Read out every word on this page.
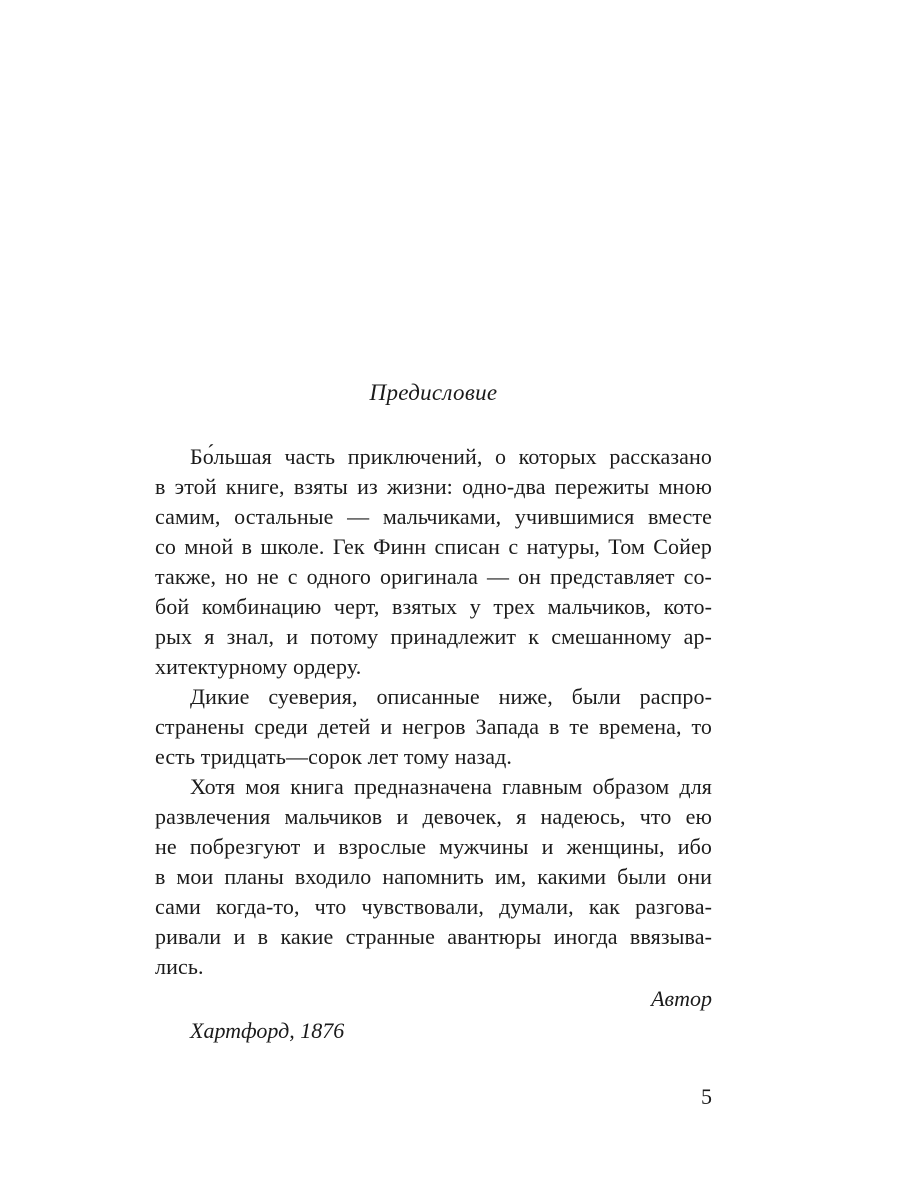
Предисловие
Бо́льшая часть приключений, о которых рассказано
в этой книге, взяты из жизни: одно-два пережиты мною
самим, остальные — мальчиками, учившимися вместе
со мной в школе. Гек Финн списан с натуры, Том Сойер
также, но не с одного оригинала — он представляет со-
бой комбинацию черт, взятых у трех мальчиков, кото-
рых я знал, и потому принадлежит к смешанному ар-
хитектурному ордеру.
Дикие суеверия, описанные ниже, были распро-
странены среди детей и негров Запада в те времена, то
есть тридцать—сорок лет тому назад.
Хотя моя книга предназначена главным образом для
развлечения мальчиков и девочек, я надеюсь, что ею
не побрезгуют и взрослые мужчины и женщины, ибо
в мои планы входило напомнить им, какими были они
сами когда-то, что чувствовали, думали, как разгова-
ривали и в какие странные авантюры иногда ввязыва-
лись.
Автор
Хартфорд, 1876
5
